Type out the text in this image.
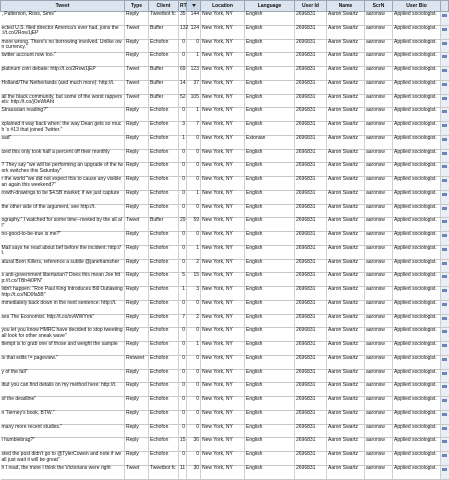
Tweet	Type	Client	RT		Location	Language	User Id	Name	ScrN	User Bio	

, Patterson, Ross, Sims"	Reply	Tweetbot fc	35	144	New York, NY	English	2696831	Aaron Swartz	aaronsw	Applied sociologist.	

ected U.S. filed director America's ever had, joins the ://t.co/2Row1jEP	Tweet	Buffer	132	124	New York, NY	English	2696831	Aaron Swartz	aaronsw	Applied sociologist.	

more wrong. There's no borrowing involved. Unlike own currency."	Reply	Echofon	0	0	New York, NY	English	2696831	Aaron Swartz	aaronsw	Applied sociologist.	

twitter account now too."	Reply	Echofon	0	1	New York, NY	English	2696831	Aaron Swartz	aaronsw	Applied sociologist.	

platinum coin debate: http://t.co/2Row1jEP	Tweet	Buffer	69	123	New York, NY	English	2696831	Aaron Swartz	aaronsw	Applied sociologist.	

Holland/The Netherlands (and much more): http://t.	Tweet	Buffer	14	37	New York, NY	English	2696831	Aaron Swartz	aaronsw	Applied sociologist.	

all the black community, but some of the worst rappers els: http://t.co/jOeWtAht	Tweet	Buffer	52	105	New York, NY	English	2696831	Aaron Swartz	aaronsw	Applied sociologist.	

Straussian reading?"	Reply	Echofon	0	1	New York, NY	English	2696831	Aaron Swartz	aaronsw	Applied sociologist.	

xplained it way back when: the way Dean gets so much 's #13 that joined Twitter."	Reply	Echofon	3	7	New York, NY	English	2696831	Aaron Swartz	aaronsw	Applied sociologist.	

sad"	Reply	Echofon	1	0	New York, NY	Estonian	2696831	Aaron Swartz	aaronsw	Applied sociologist.	

ized this only took half a percent off their monthly	Reply	Echofon	0	0	New York, NY	English	2696831	Aaron Swartz	aaronsw	Applied sociologist.	

? They say "we will be performing an upgrade of the twork switches this Saturday"	Reply	Echofon	0	0	New York, NY	English	2696831	Aaron Swartz	aaronsw	Applied sociologist.	

r the world "we did not expect this to cause any visible an again this weekend?"	Reply	Echofon	0	0	New York, NY	English	2696831	Aaron Swartz	aaronsw	Applied sociologist.	

rowth-drawings to be $4.5B market; if we just capture	Reply	Echofon	0	1	New York, NY	English	2696831	Aaron Swartz	aaronsw	Applied sociologist.	

the other side of the argument, see http://t.	Reply	Echofon	0	0	New York, NY	English	2696831	Aaron Swartz	aaronsw	Applied sociologist.	

ography." I watched for some time--riveted by the all all"	Tweet	Buffer	29	59	New York, NY	English	2696831	Aaron Swartz	aaronsw	Applied sociologist.	

no-good-to-be-true is me?"	Reply	Echofon	0	0	New York, NY	English	2696831	Aaron Swartz	aaronsw	Applied sociologist.	

Mail says he read about bef before the incident: http://t.	Reply	Echofon	0	1	New York, NY	English	2696831	Aaron Swartz	aaronsw	Applied sociologist.	

atural Born Killers, reference a subtle @janehamsher	Reply	Echofon	0	2	New York, NY	English	2696831	Aaron Swartz	aaronsw	Applied sociologist.	

s anti-government libertarian? Does this mean Joe http://t.co/TBh4i0PN"	Reply	Echofon	5	15	New York, NY	English	2696831	Aaron Swartz	aaronsw	Applied sociologist.	

lidn't happen: "Ron Paul King Introduces Bill Outlawing http://t.co/ND0fa5B"	Reply	Echofon	1	3	New York, NY	English	2696831	Aaron Swartz	aaronsw	Applied sociologist.	

mmediately back down in the next sentence: http://t.	Reply	Echofon	0	0	New York, NY	English	2696831	Aaron Swartz	aaronsw	Applied sociologist.	

ses The Economist. http://t.co/ovWWYrrk"	Reply	Echofon	7	2	New York, NY	English	2696831	Aaron Swartz	aaronsw	Applied sociologist.	

you let you know HMRC have decided to stop tweeting all look for other sneak wave"	Reply	Echofon	0	0	New York, NY	English	2696831	Aaron Swartz	aaronsw	Applied sociologist.	

ttempt is to grab one of those and weight the sample	Reply	Echofon	0	1	New York, NY	English	2696831	Aaron Swartz	aaronsw	Applied sociologist.	

is that edits != pageview."	Retweet	Echofon	0	0	New York, NY	English	2696831	Aaron Swartz	aaronsw	Applied sociologist.	

y of the fall"	Reply	Echofon	0	0	New York, NY	English	2696831	Aaron Swartz	aaronsw	Applied sociologist.	

ibut you can find details on my method here: http://t.	Reply	Echofon	0	0	New York, NY	English	2696831	Aaron Swartz	aaronsw	Applied sociologist.	

of the deadline"	Reply	Echofon	0	0	New York, NY	English	2696831	Aaron Swartz	aaronsw	Applied sociologist.	

n Tierney's book, BTW."	Reply	Echofon	0	0	New York, NY	English	2696831	Aaron Swartz	aaronsw	Applied sociologist.	

many more recent studies."	Reply	Echofon	0	0	New York, NY	English	2696831	Aaron Swartz	aaronsw	Applied sociologist.	

l humblebrag?"	Reply	Echofon	15	36	New York, NY	English	2696831	Aaron Swartz	aaronsw	Applied sociologist.	

sted the post didn't go to @TylerCowen and note if we all just wait it will be great"	Reply	Echofon	0	0	New York, NY	English	2696831	Aaron Swartz	aaronsw	Applied sociologist.	

h I read, the more I think the Victorians were right	Tweet	Tweetbot fc	11	30	New York, NY	English	2696831	Aaron Swartz	aaronsw	Applied sociologist.	
